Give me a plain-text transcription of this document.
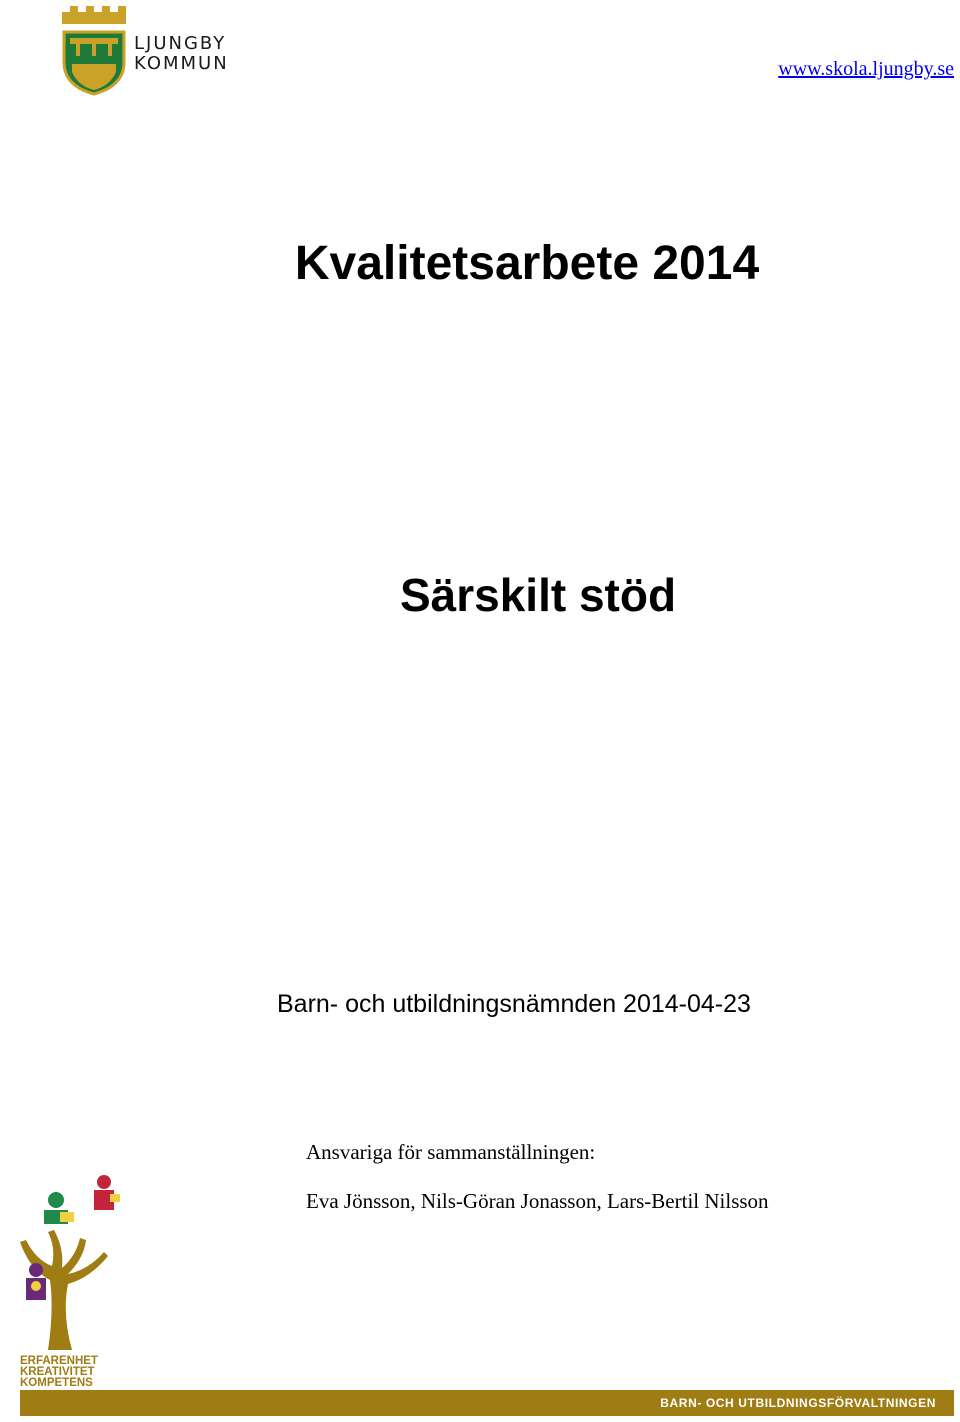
LJUNGBY
KOMMUN	www.skola.ljungby.se
Kvalitetsarbete 2014
Särskilt stöd
Barn- och utbildningsnämnden 2014-04-23
Ansvariga för sammanställningen:
Eva Jönsson, Nils-Göran Jonasson, Lars-Bertil Nilsson
ERFARENHET
KREATIVITET
KOMPETENS
BARN- OCH UTBILDNINGSFÖRVALTNINGEN
